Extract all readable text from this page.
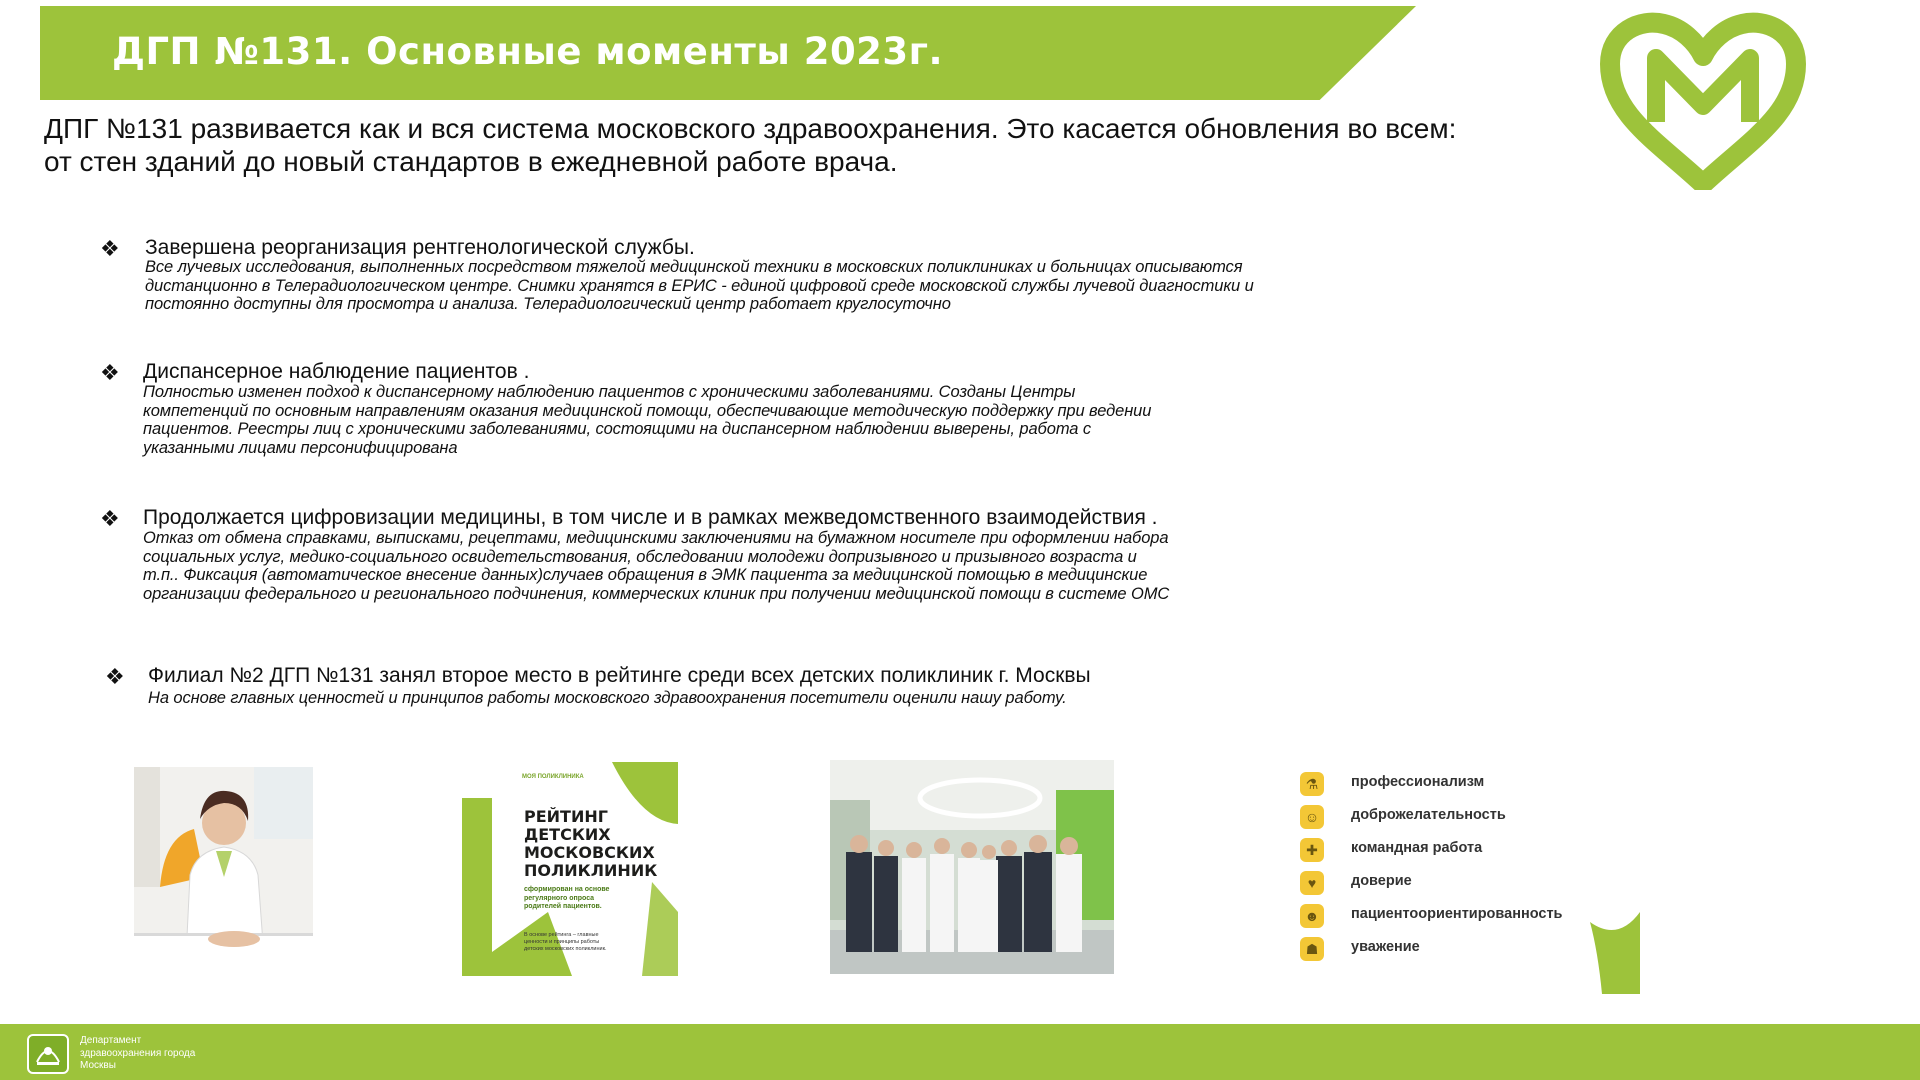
ДГП №131. Основные моменты 2023г.
ДПГ №131 развивается как и вся система московского здравоохранения. Это касается обновления во всем:
от стен зданий до новый стандартов в ежедневной работе врача.
❖ Завершена реорганизация рентгенологической службы.
Все лучевых исследования, выполненных посредством тяжелой медицинской техники в московских поликлиниках и больницах описываются
дистанционно в Телерадиологическом центре. Снимки хранятся в ЕРИС - единой цифровой среде московской службы лучевой диагностики и
постоянно доступны для просмотра и анализа. Телерадиологический центр работает круглосуточно
❖ Диспансерное наблюдение пациентов .
Полностью изменен подход к диспансерному наблюдению пациентов с хроническими заболеваниями. Созданы Центры
компетенций по основным направлениям оказания медицинской помощи, обеспечивающие методическую поддержку при ведении
пациентов. Реестры лиц с хроническими заболеваниями, состоящими на диспансерном наблюдении выверены, работа с
указанными лицами персонифицирована
❖ Продолжается цифровизации медицины, в том числе и в рамках межведомственного взаимодействия .
Отказ от обмена справками, выписками, рецептами, медицинскими заключениями на бумажном носителе при оформлении набора
социальных услуг, медико-социального освидетельствования, обследовании молодежи допризывного и призывного возраста и
т.п.. Фиксация (автоматическое внесение данных)случаев обращения в ЭМК пациента за медицинской помощью в медицинские
организации федерального и регионального подчинения, коммерческих клиник при получении медицинской помощи в системе ОМС
❖ Филиал №2 ДГП №131 занял второе место в рейтинге среди всех детских поликлиник г. Москвы
На основе главных ценностей и принципов работы московского здравоохранения посетители оценили нашу работу.
МОЯ ПОЛИКЛИНИКА
РЕЙТИНГ
ДЕТСКИХ
МОСКОВСКИХ
ПОЛИКЛИНИК
сформирован на основе
регулярного опроса
родителей пациентов.
В основе рейтинга – главные
ценности и принципы работы
детских московских поликлиник.
⚗	профессионализм
☺	доброжелательность
✚	командная работа
♥	доверие
☻	пациентоориентированность
☗	уважение
Департамент
здравоохранения города
Москвы
